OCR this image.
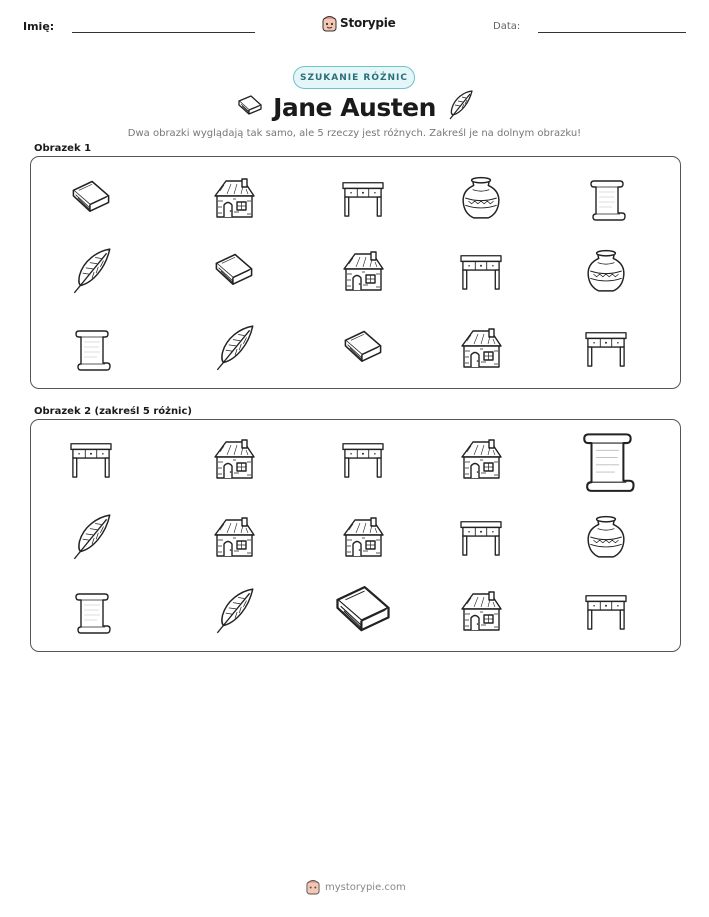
Imię:	Storypie	Data:
SZUKANIE RÓŻNIC
Jane Austen
Dwa obrazki wyglądają tak samo, ale 5 rzeczy jest różnych. Zakreśl je na dolnym obrazku!
Obrazek 1
Obrazek 2 (zakreśl 5 różnic)
mystorypie.com
